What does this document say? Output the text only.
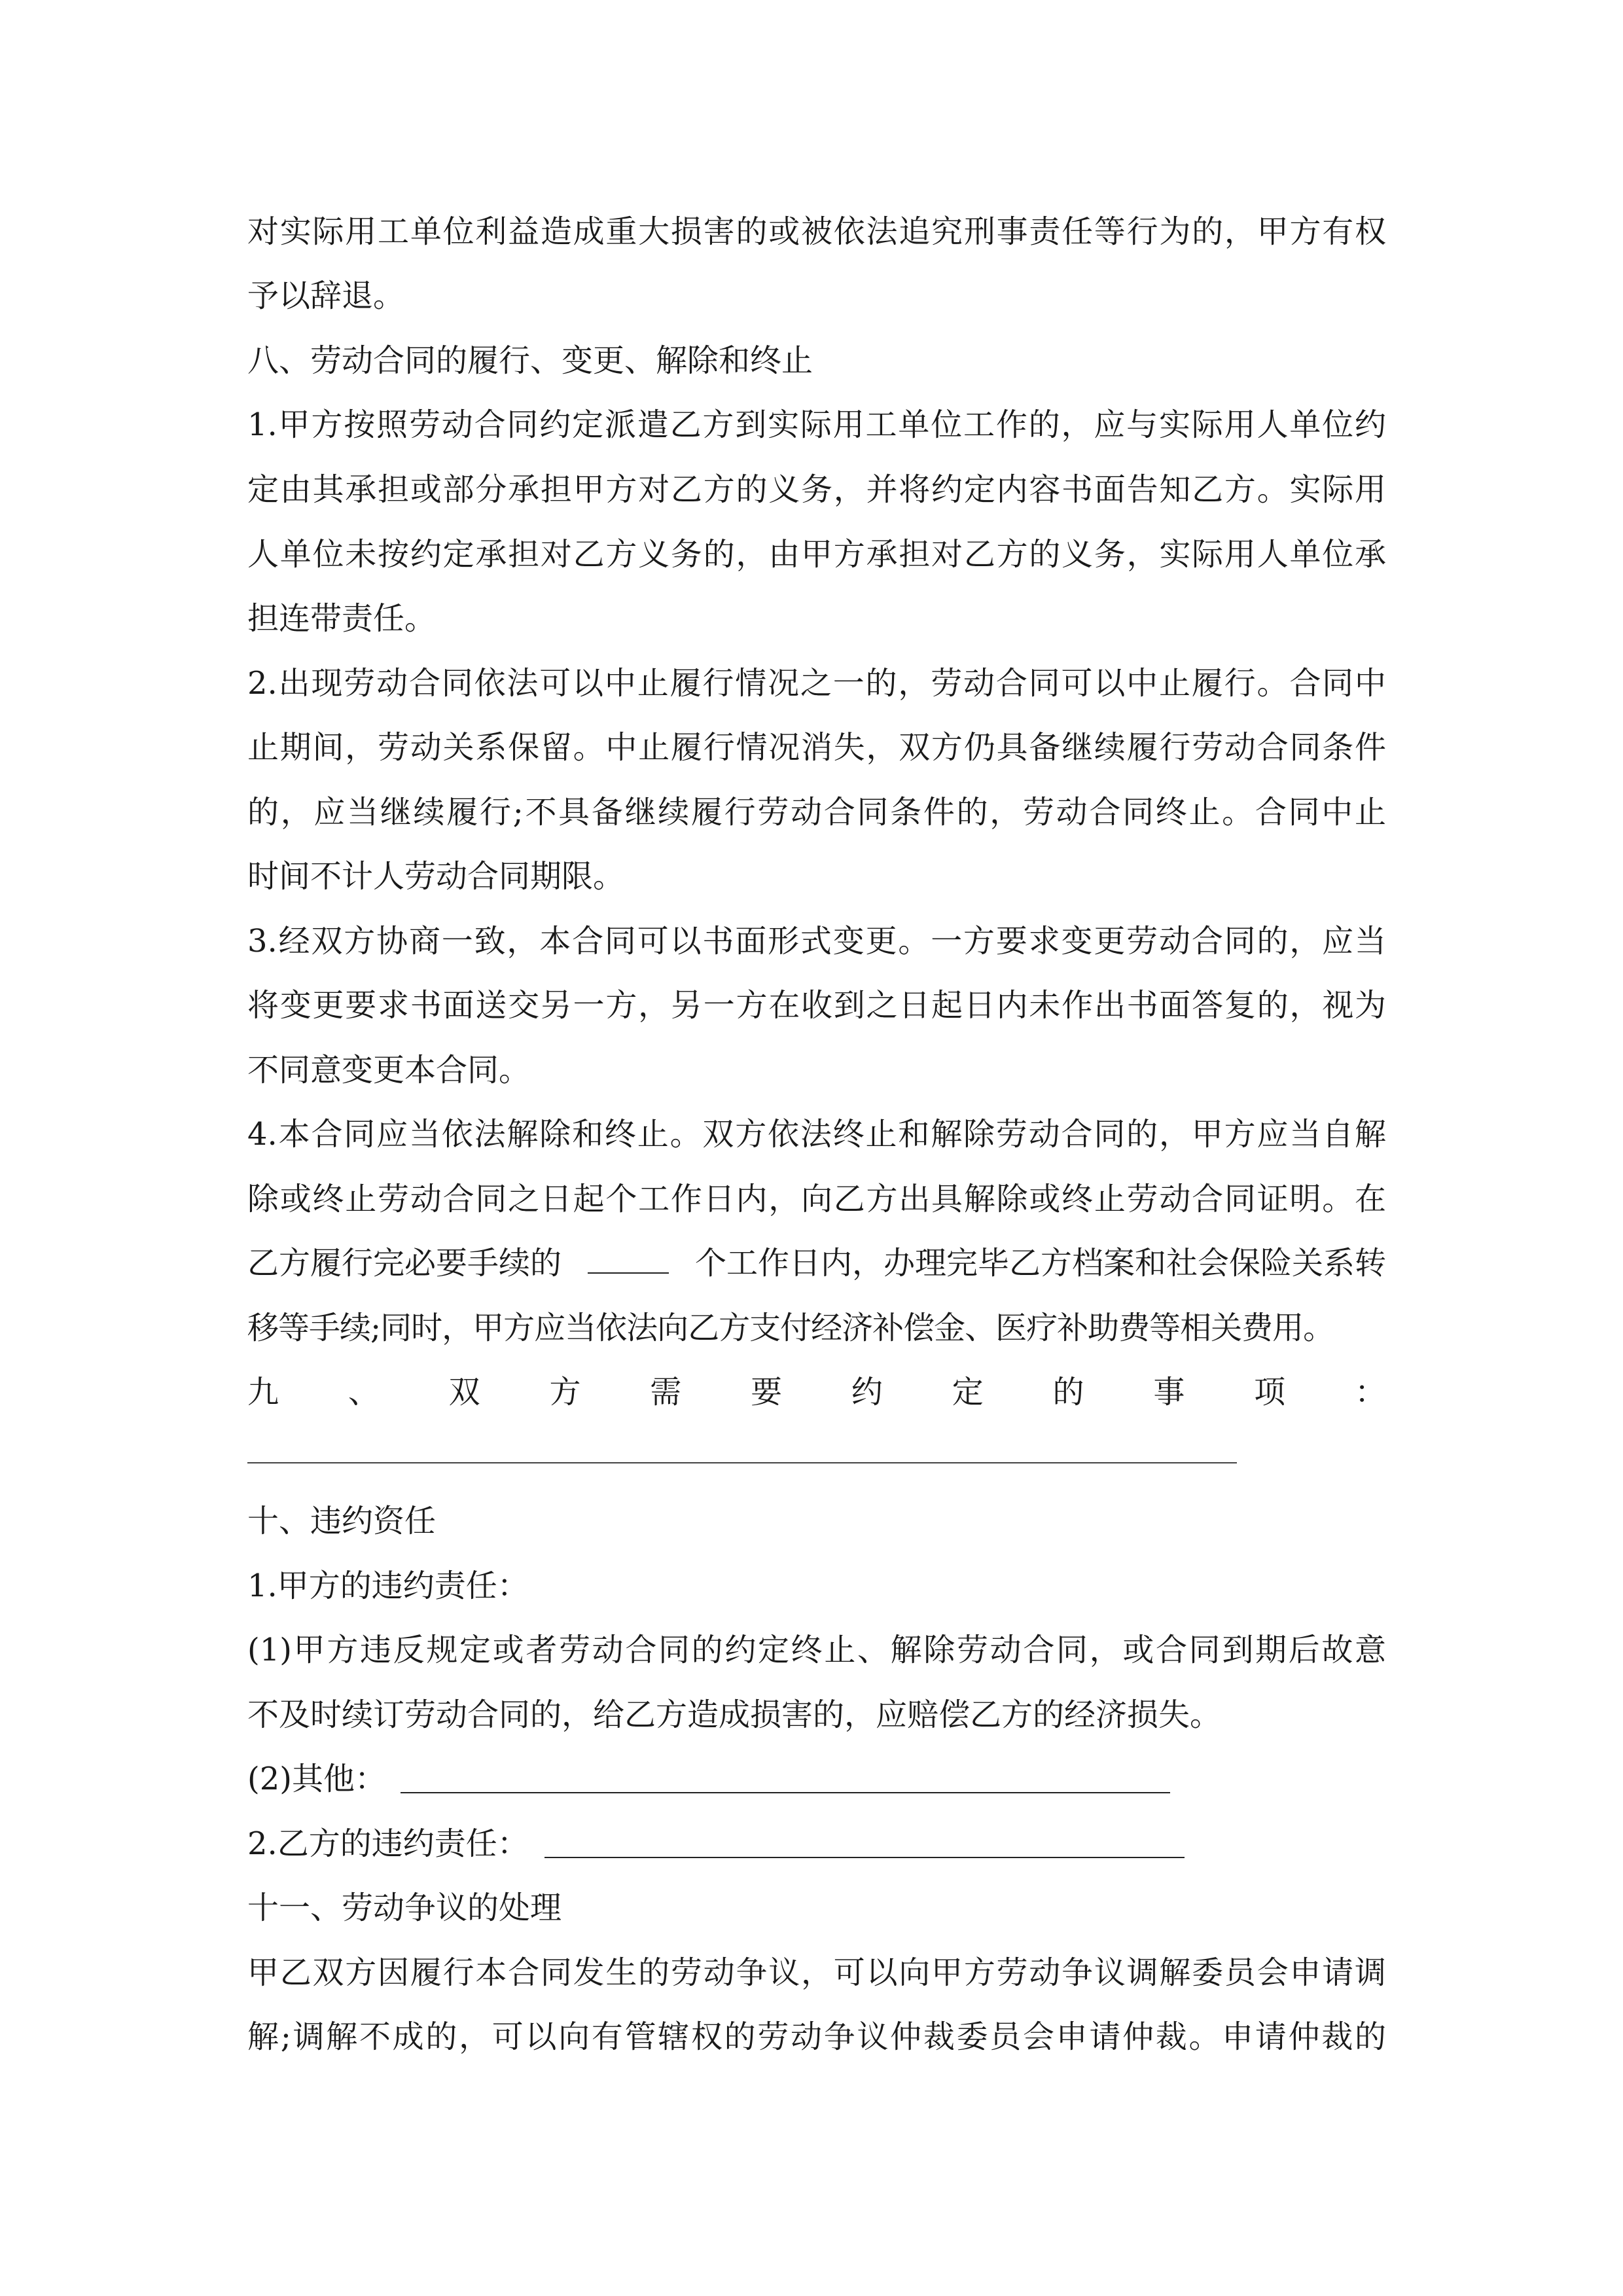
对实际用工单位利益造成重大损害的或被依法追究刑事责任等行为的，甲方有权
予以辞退。
八、劳动合同的履行、变更、解除和终止
1.甲方按照劳动合同约定派遣乙方到实际用工单位工作的，应与实际用人单位约
定由其承担或部分承担甲方对乙方的义务，并将约定内容书面告知乙方。实际用
人单位未按约定承担对乙方义务的，由甲方承担对乙方的义务，实际用人单位承
担连带责任。
2.出现劳动合同依法可以中止履行情况之一的，劳动合同可以中止履行。合同中
止期间，劳动关系保留。中止履行情况消失，双方仍具备继续履行劳动合同条件
的，应当继续履行;不具备继续履行劳动合同条件的，劳动合同终止。合同中止
时间不计人劳动合同期限。
3.经双方协商一致，本合同可以书面形式变更。一方要求变更劳动合同的，应当
将变更要求书面送交另一方，另一方在收到之日起日内未作出书面答复的，视为
不同意变更本合同。
4.本合同应当依法解除和终止。双方依法终止和解除劳动合同的，甲方应当自解
除或终止劳动合同之日起个工作日内，向乙方出具解除或终止劳动合同证明。在
乙方履行完必要手续的	个工作日内，办理完毕乙方档案和社会保险关系转
移等手续;同时，甲方应当依法向乙方支付经济补偿金、医疗补助费等相关费用。
九 、 双 方 需 要 约 定 的 事 项 ：
十、违约资任
1.甲方的违约责任：
(1)甲方违反规定或者劳动合同的约定终止、解除劳动合同，或合同到期后故意
不及时续订劳动合同的，给乙方造成损害的，应赔偿乙方的经济损失。
(2)其他：
2.乙方的违约责任：
十一、劳动争议的处理
甲乙双方因履行本合同发生的劳动争议，可以向甲方劳动争议调解委员会申请调
解;调解不成的，可以向有管辖权的劳动争议仲裁委员会申请仲裁。申请仲裁的
